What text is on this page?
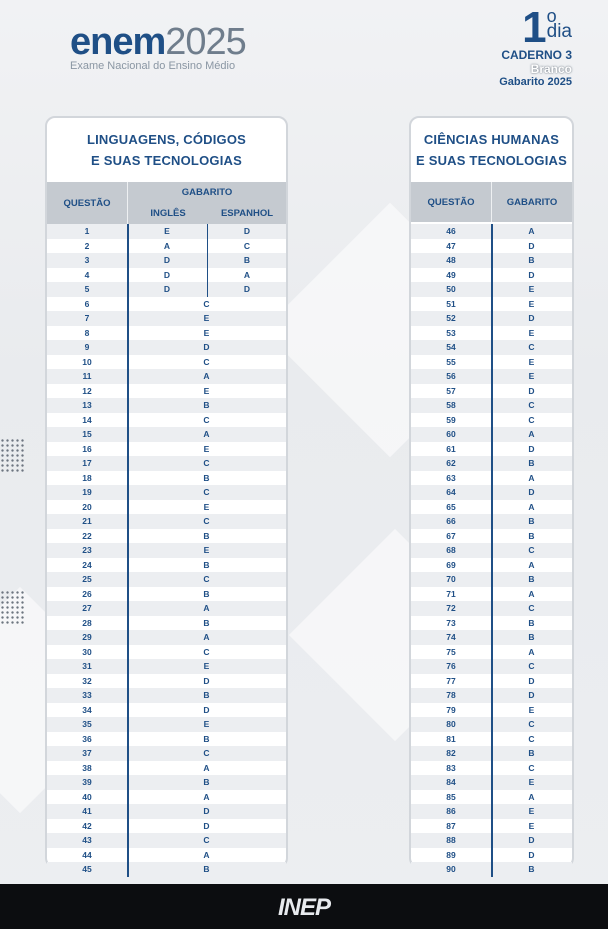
enem2025
Exame Nacional do Ensino Médio
1 o
dia
CADERNO 3
Branco
Gabarito 2025
LINGUAGENS, CÓDIGOS
E SUAS TECNOLOGIAS
QUESTÃO
GABARITO
INGLÊS	ESPANHOL
1	E	D
2	A	C
3	D	B
4	D	A
5	D	D
6	C
7	E
8	E
9	D
10	C
11	A
12	E
13	B
14	C
15	A
16	E
17	C
18	B
19	C
20	E
21	C
22	B
23	E
24	B
25	C
26	B
27	A
28	B
29	A
30	C
31	E
32	D
33	B
34	D
35	E
36	B
37	C
38	A
39	B
40	A
41	D
42	D
43	C
44	A
45	B
CIÊNCIAS HUMANAS
E SUAS TECNOLOGIAS
QUESTÃO	GABARITO
46	A
47	D
48	B
49	D
50	E
51	E
52	D
53	E
54	C
55	E
56	E
57	D
58	C
59	C
60	A
61	D
62	B
63	A
64	D
65	A
66	B
67	B
68	C
69	A
70	B
71	A
72	C
73	B
74	B
75	A
76	C
77	D
78	D
79	E
80	C
81	C
82	B
83	C
84	E
85	A
86	E
87	E
88	D
89	D
90	B
INEP
